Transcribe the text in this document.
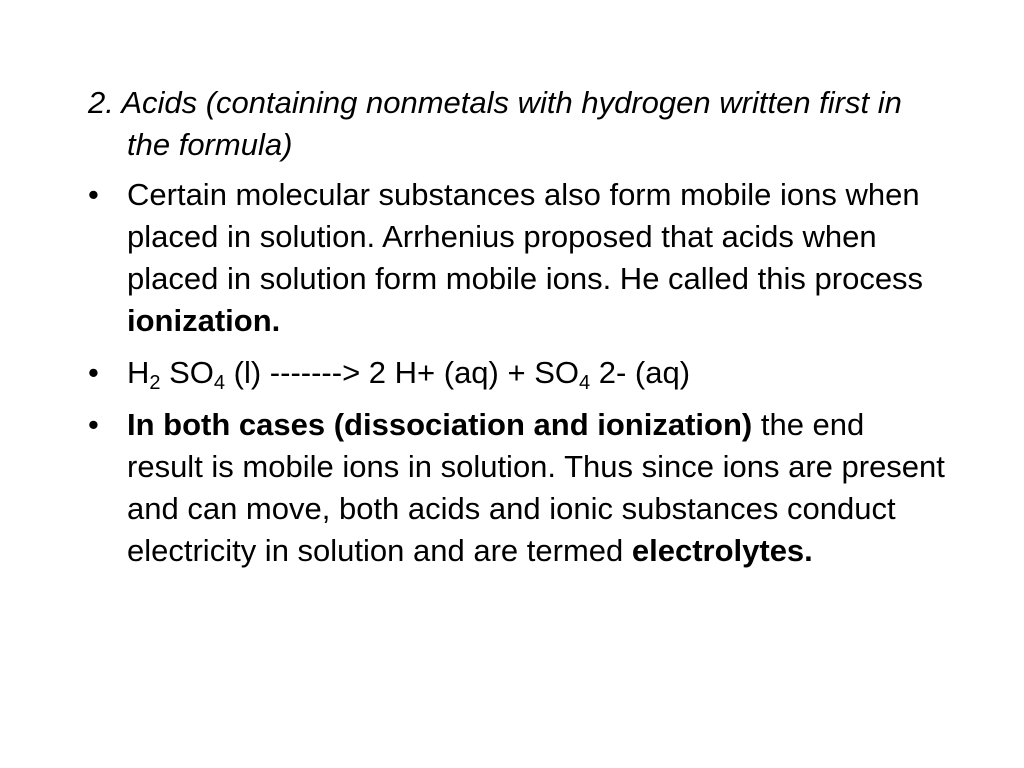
2. Acids (containing nonmetals with hydrogen written first in the formula)

• Certain molecular substances also form mobile ions when placed in solution. Arrhenius proposed that acids when placed in solution form mobile ions. He called this process ionization.
• $H_2$ $SO_4$ (l) -------> 2 $H+ (aq) + SO_4$ 2- (aq)
• In both cases (dissociation and ionization) the end result is mobile ions in solution. Thus since ions are present and can move, both acids and ionic substances conduct electricity in solution and are termed electrolytes.
